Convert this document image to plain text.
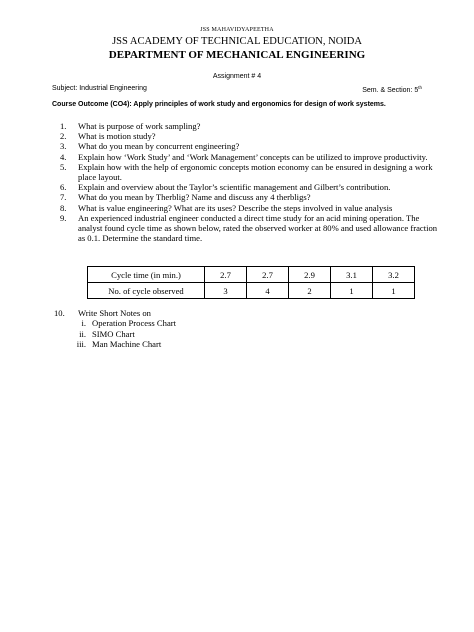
JSS MAHAVIDYAPEETHA
JSS ACADEMY OF TECHNICAL EDUCATION, NOIDA
DEPARTMENT OF MECHANICAL ENGINEERING
Assignment # 4
Subject: Industrial Engineering	Sem. & Section: 5th
Course Outcome (CO4): Apply principles of work study and ergonomics for design of work systems.
1. What is purpose of work sampling?
2. What is motion study?
3. What do you mean by concurrent engineering?
4. Explain how ‘Work Study’ and ‘Work Management’ concepts can be utilized to improve productivity.
5. Explain how with the help of ergonomic concepts motion economy can be ensured in designing a work place layout.
6. Explain and overview about the Taylor’s scientific management and Gilbert’s contribution.
7. What do you mean by Therblig? Name and discuss any 4 therbligs?
8. What is value engineering? What are its uses? Describe the steps involved in value analysis
9. An experienced industrial engineer conducted a direct time study for an acid mining operation. The analyst found cycle time as shown below, rated the observed worker at 80% and used allowance fraction as 0.1. Determine the standard time.
Cycle time (in min.)	2.7	2.7	2.9	3.1	3.2
No. of cycle observed	3	4	2	1	1
10. Write Short Notes on
i. Operation Process Chart
ii. SIMO Chart
iii. Man Machine Chart
